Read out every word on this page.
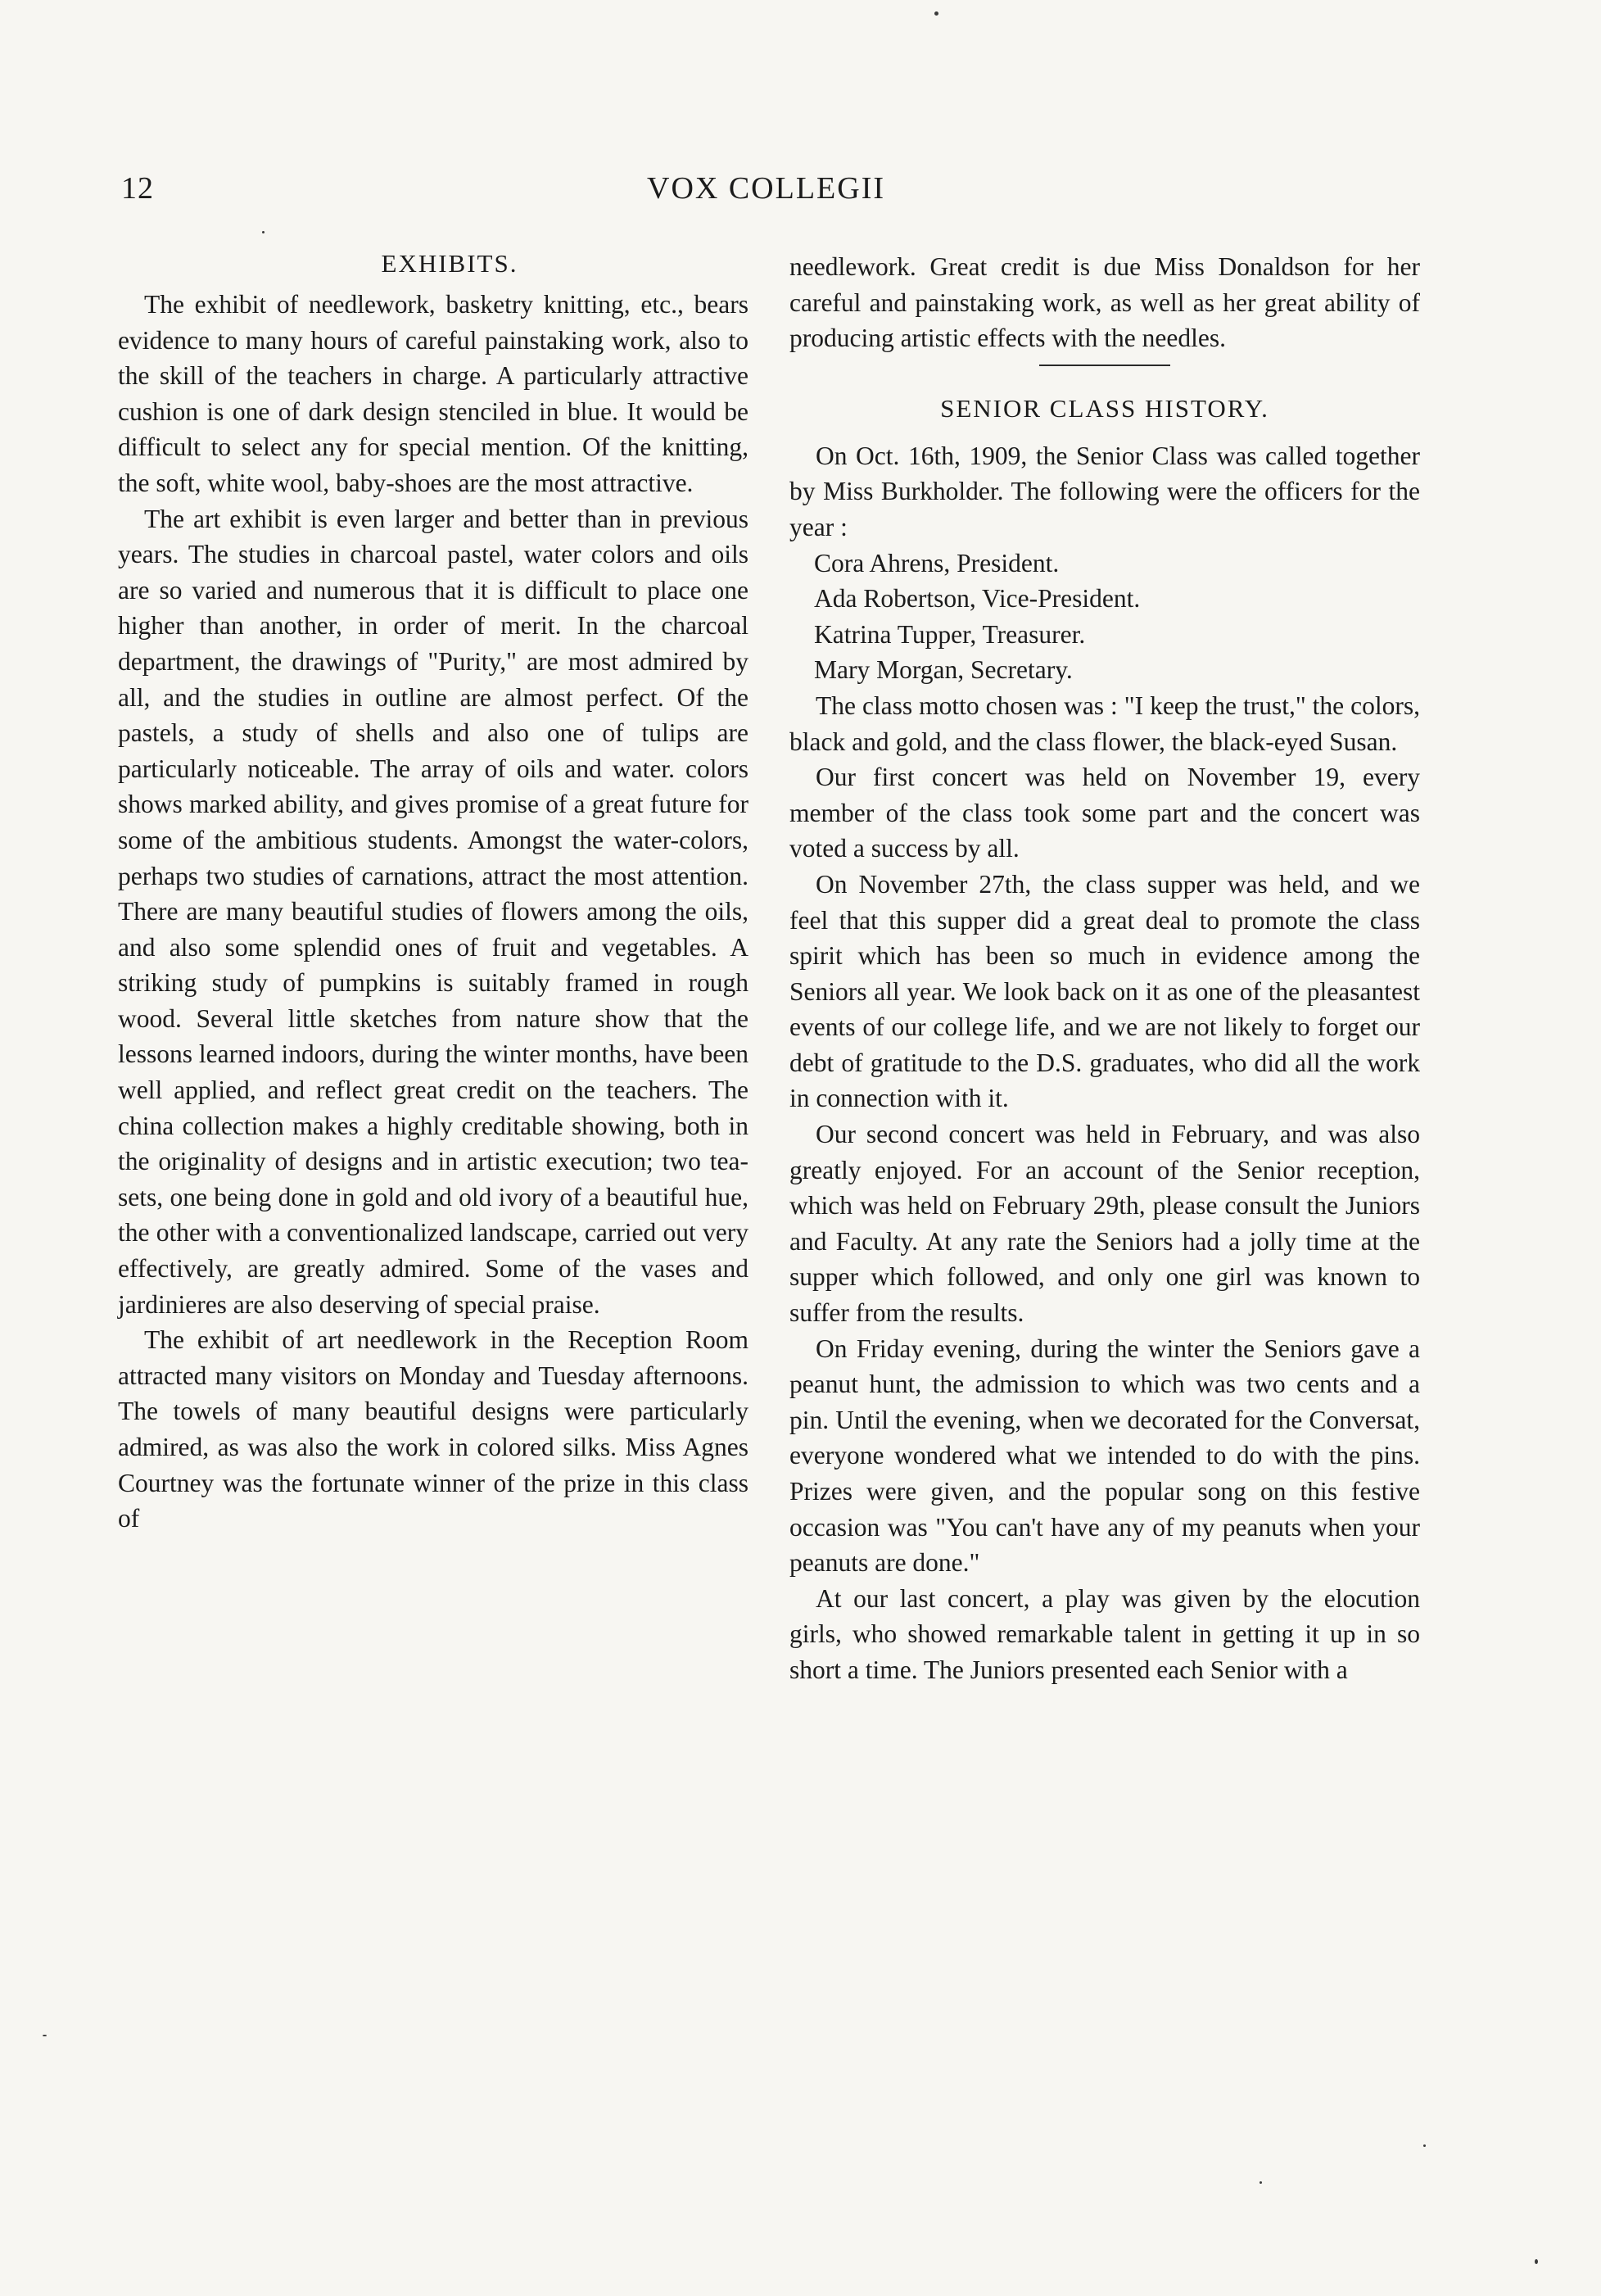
12	VOX COLLEGII
EXHIBITS.

The exhibit of needlework, basketry knitting, etc., bears evidence to many hours of careful painstaking work, also to the skill of the teachers in charge. A particularly attractive cushion is one of dark design stenciled in blue. It would be difficult to select any for special mention. Of the knitting, the soft, white wool, baby-shoes are the most attractive.

The art exhibit is even larger and better than in previous years. The studies in charcoal pastel, water colors and oils are so varied and numerous that it is difficult to place one higher than another, in order of merit. In the charcoal department, the drawings of "Purity," are most admired by all, and the studies in outline are almost perfect. Of the pastels, a study of shells and also one of tulips are particularly noticeable. The array of oils and water. colors shows marked ability, and gives promise of a great future for some of the ambitious students. Amongst the water-colors, perhaps two studies of carnations, attract the most attention. There are many beautiful studies of flowers among the oils, and also some splendid ones of fruit and vegetables. A striking study of pumpkins is suitably framed in rough wood. Several little sketches from nature show that the lessons learned indoors, during the winter months, have been well applied, and reflect great credit on the teachers. The china collection makes a highly creditable showing, both in the originality of designs and in artistic execution; two tea-sets, one being done in gold and old ivory of a beautiful hue, the other with a conventionalized landscape, carried out very effectively, are greatly admired. Some of the vases and jardinieres are also deserving of special praise.

The exhibit of art needlework in the Reception Room attracted many visitors on Monday and Tuesday afternoons. The towels of many beautiful designs were particularly admired, as was also the work in colored silks. Miss Agnes Courtney was the fortunate winner of the prize in this class of

needlework. Great credit is due Miss Donaldson for her careful and painstaking work, as well as her great ability of producing artistic effects with the needles.

SENIOR CLASS HISTORY.

On Oct. 16th, 1909, the Senior Class was called together by Miss Burkholder. The following were the officers for the year :

Cora Ahrens, President.
Ada Robertson, Vice-President.
Katrina Tupper, Treasurer.
Mary Morgan, Secretary.

The class motto chosen was : "I keep the trust," the colors, black and gold, and the class flower, the black-eyed Susan.

Our first concert was held on November 19, every member of the class took some part and the concert was voted a success by all.

On November 27th, the class supper was held, and we feel that this supper did a great deal to promote the class spirit which has been so much in evidence among the Seniors all year. We look back on it as one of the pleasantest events of our college life, and we are not likely to forget our debt of gratitude to the D.S. graduates, who did all the work in connection with it.

Our second concert was held in February, and was also greatly enjoyed. For an account of the Senior reception, which was held on February 29th, please consult the Juniors and Faculty. At any rate the Seniors had a jolly time at the supper which followed, and only one girl was known to suffer from the results.

On Friday evening, during the winter the Seniors gave a peanut hunt, the admission to which was two cents and a pin. Until the evening, when we decorated for the Conversat, everyone wondered what we intended to do with the pins. Prizes were given, and the popular song on this festive occasion was "You can't have any of my peanuts when your peanuts are done."

At our last concert, a play was given by the elocution girls, who showed remarkable talent in getting it up in so short a time. The Juniors presented each Senior with a
